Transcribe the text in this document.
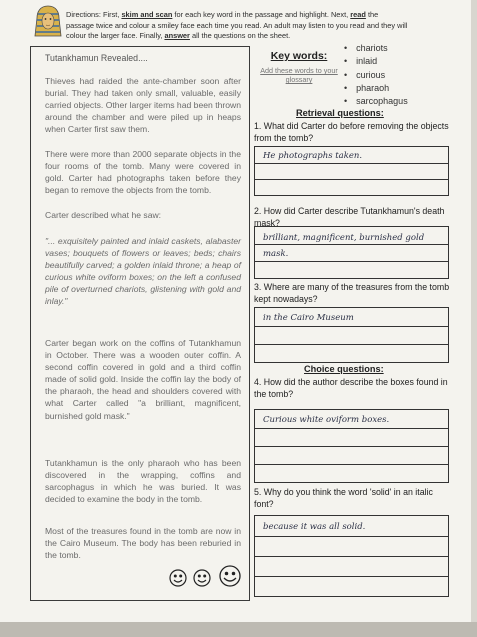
Directions: First, skim and scan for each key word in the passage and highlight. Next, read the passage twice and colour a smiley face each time you read. An adult may listen to you read and they will colour the larger face. Finally, answer all the questions on the sheet.
Tutankhamun Revealed....
Thieves had raided the ante-chamber soon after burial. They had taken only small, valuable, easily carried objects. Other larger items had been thrown around the chamber and were piled up in heaps when Carter first saw them.
There were more than 2000 separate objects in the four rooms of the tomb. Many were covered in gold. Carter had photographs taken before they began to remove the objects from the tomb.
Carter described what he saw:
"... exquisitely painted and inlaid caskets, alabaster vases; bouquets of flowers or leaves; beds; chairs beautifully carved; a golden inlaid throne; a heap of curious white oviform boxes; on the left a confused pile of overturned chariots, glistening with gold and inlay."
Carter began work on the coffins of Tutankhamun in October. There was a wooden outer coffin. A second coffin covered in gold and a third coffin made of solid gold. Inside the coffin lay the body of the pharaoh, the head and shoulders covered with what Carter called "a brilliant, magnificent, burnished gold mask."
Tutankhamun is the only pharaoh who has been discovered in the wrapping, coffins and sarcophagus in which he was buried. It was decided to examine the body in the tomb.
Most of the treasures found in the tomb are now in the Cairo Museum. The body has been reburied in the tomb.
Key words:
Add these words to your glossary
• chariots
• inlaid
• curious
• pharaoh
• sarcophagus
Retrieval questions:
1. What did Carter do before removing the objects from the tomb?
He photographs taken.
2. How did Carter describe Tutankhamun's death mask?
brilliant, magnificent, burnished gold
mask.
3. Where are many of the treasures from the tomb kept nowadays?
in the Cairo Museum
Choice questions:
4. How did the author describe the boxes found in the tomb?
Curious white oviform boxes.
5. Why do you think the word 'solid' in an italic font?
because it was all solid.
